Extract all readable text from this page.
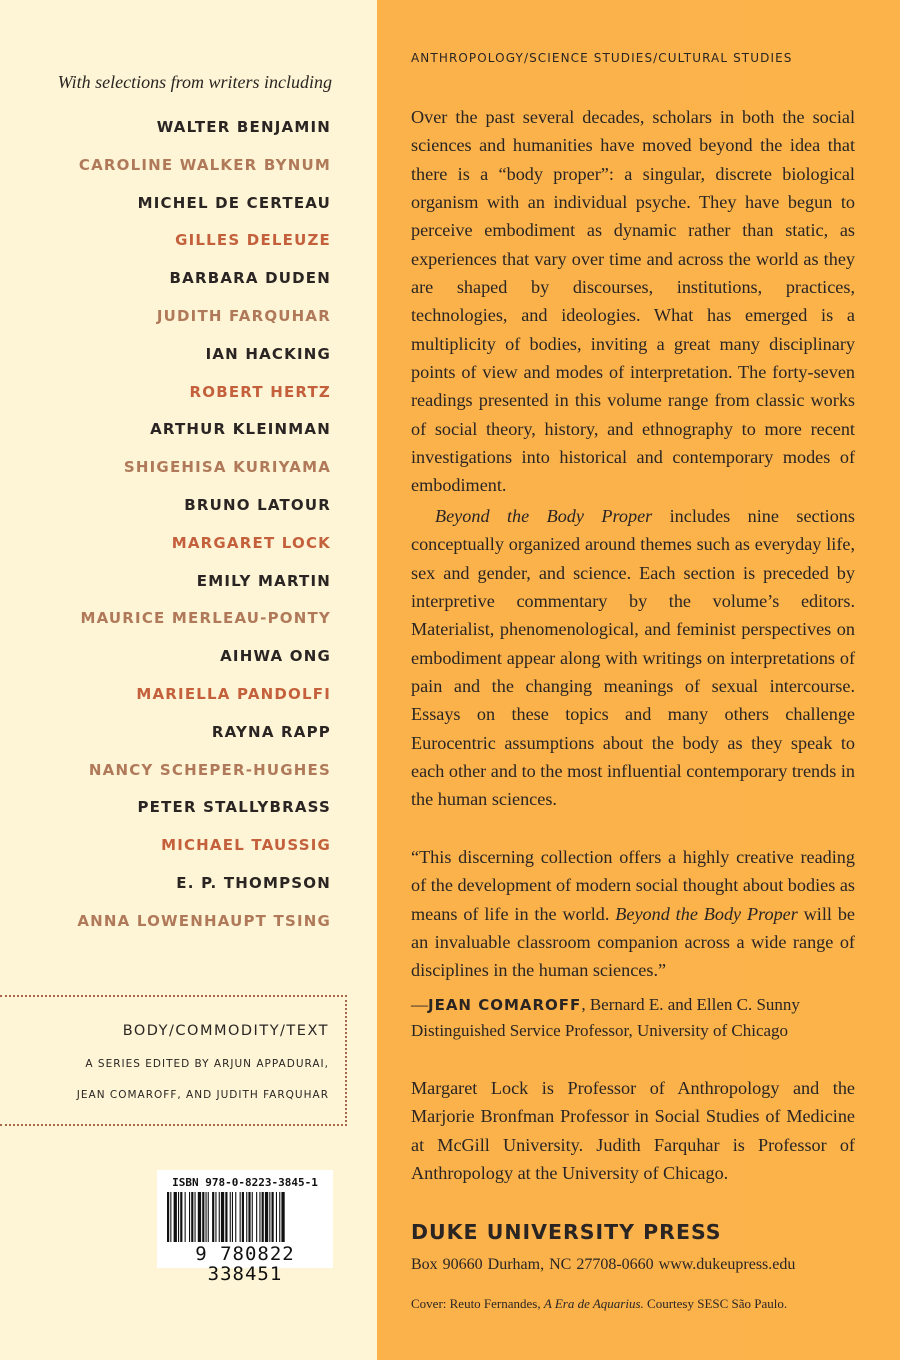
With selections from writers including
WALTER BENJAMIN
CAROLINE WALKER BYNUM
MICHEL DE CERTEAU
GILLES DELEUZE
BARBARA DUDEN
JUDITH FARQUHAR
IAN HACKING
ROBERT HERTZ
ARTHUR KLEINMAN
SHIGEHISA KURIYAMA
BRUNO LATOUR
MARGARET LOCK
EMILY MARTIN
MAURICE MERLEAU-PONTY
AIHWA ONG
MARIELLA PANDOLFI
RAYNA RAPP
NANCY SCHEPER-HUGHES
PETER STALLYBRASS
MICHAEL TAUSSIG
E. P. THOMPSON
ANNA LOWENHAUPT TSING
BODY/COMMODITY/TEXT
A SERIES EDITED BY ARJUN APPADURAI,
JEAN COMAROFF, AND JUDITH FARQUHAR
ISBN 978-0-8223-3845-1
9 780822 338451
ANTHROPOLOGY/SCIENCE STUDIES/CULTURAL STUDIES

Over the past several decades, scholars in both the social sciences and humanities have moved beyond the idea that there is a “body proper”: a singular, discrete biological organism with an individual psyche. They have begun to perceive embodiment as dynamic rather than static, as experiences that vary over time and across the world as they are shaped by discourses, institutions, practices, technologies, and ideologies. What has emerged is a multiplicity of bodies, inviting a great many disciplinary points of view and modes of interpretation. The forty-seven readings presented in this volume range from classic works of social theory, history, and ethnography to more recent investigations into historical and contemporary modes of embodiment.

Beyond the Body Proper includes nine sections conceptually organized around themes such as everyday life, sex and gender, and science. Each section is preceded by interpretive commentary by the volume’s editors. Materialist, phenomenological, and feminist perspectives on embodiment appear along with writings on interpretations of pain and the changing meanings of sexual intercourse. Essays on these topics and many others challenge Eurocentric assumptions about the body as they speak to each other and to the most influential contemporary trends in the human sciences.

“This discerning collection offers a highly creative reading of the development of modern social thought about bodies as means of life in the world. Beyond the Body Proper will be an invaluable classroom companion across a wide range of disciplines in the human sciences.”

—JEAN COMAROFF, Bernard E. and Ellen C. Sunny
Distinguished Service Professor, University of Chicago

Margaret Lock is Professor of Anthropology and the Marjorie Bronfman Professor in Social Studies of Medicine at McGill University. Judith Farquhar is Professor of Anthropology at the University of Chicago.

DUKE UNIVERSITY PRESS
Box 90660 Durham, NC 27708-0660 www.dukeupress.edu
Cover: Reuto Fernandes, A Era de Aquarius. Courtesy SESC São Paulo.
